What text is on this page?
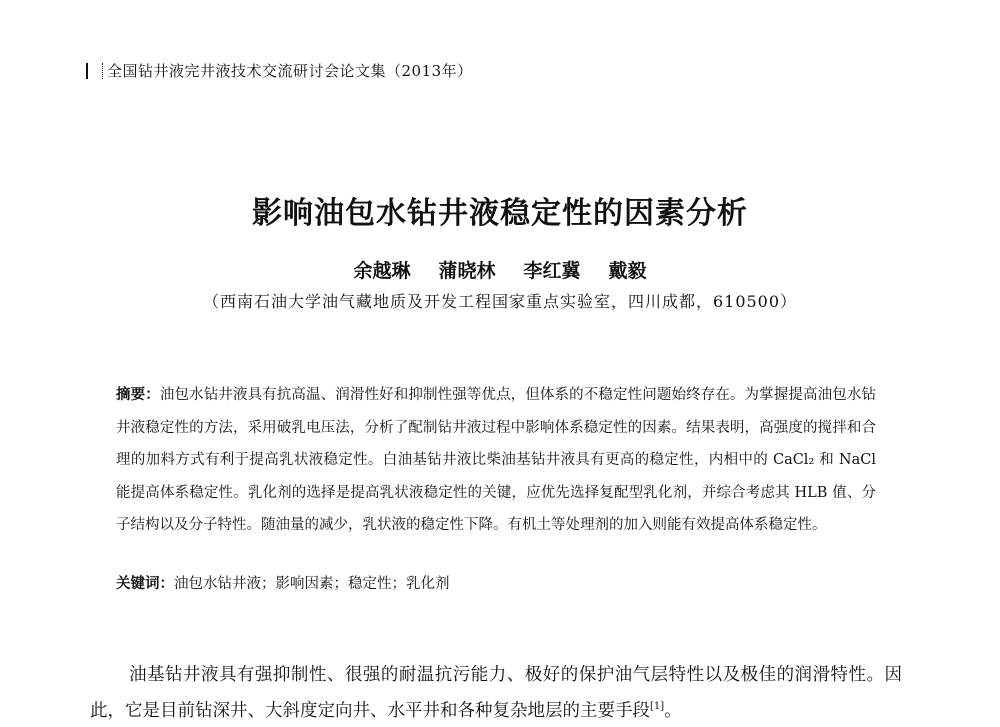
全国钻井液完井液技术交流研讨会论文集（2013年）
影响油包水钻井液稳定性的因素分析
余越琳 蒲晓林 李红冀 戴毅
（西南石油大学油气藏地质及开发工程国家重点实验室，四川成都，610500）
摘要：油包水钻井液具有抗高温、润滑性好和抑制性强等优点，但体系的不稳定性问题始终存在。为掌握提高油包水钻井液稳定性的方法，采用破乳电压法，分析了配制钻井液过程中影响体系稳定性的因素。结果表明，高强度的搅拌和合理的加料方式有利于提高乳状液稳定性。白油基钻井液比柴油基钻井液具有更高的稳定性，内相中的 CaCl₂ 和 NaCl 能提高体系稳定性。乳化剂的选择是提高乳状液稳定性的关键，应优先选择复配型乳化剂，并综合考虑其 HLB 值、分子结构以及分子特性。随油量的减少，乳状液的稳定性下降。有机土等处理剂的加入则能有效提高体系稳定性。
关键词：油包水钻井液；影响因素；稳定性；乳化剂
油基钻井液具有强抑制性、很强的耐温抗污能力、极好的保护油气层特性以及极佳的润滑特性。因此，它是目前钻深井、大斜度定向井、水平井和各种复杂地层的主要手段[1]。
